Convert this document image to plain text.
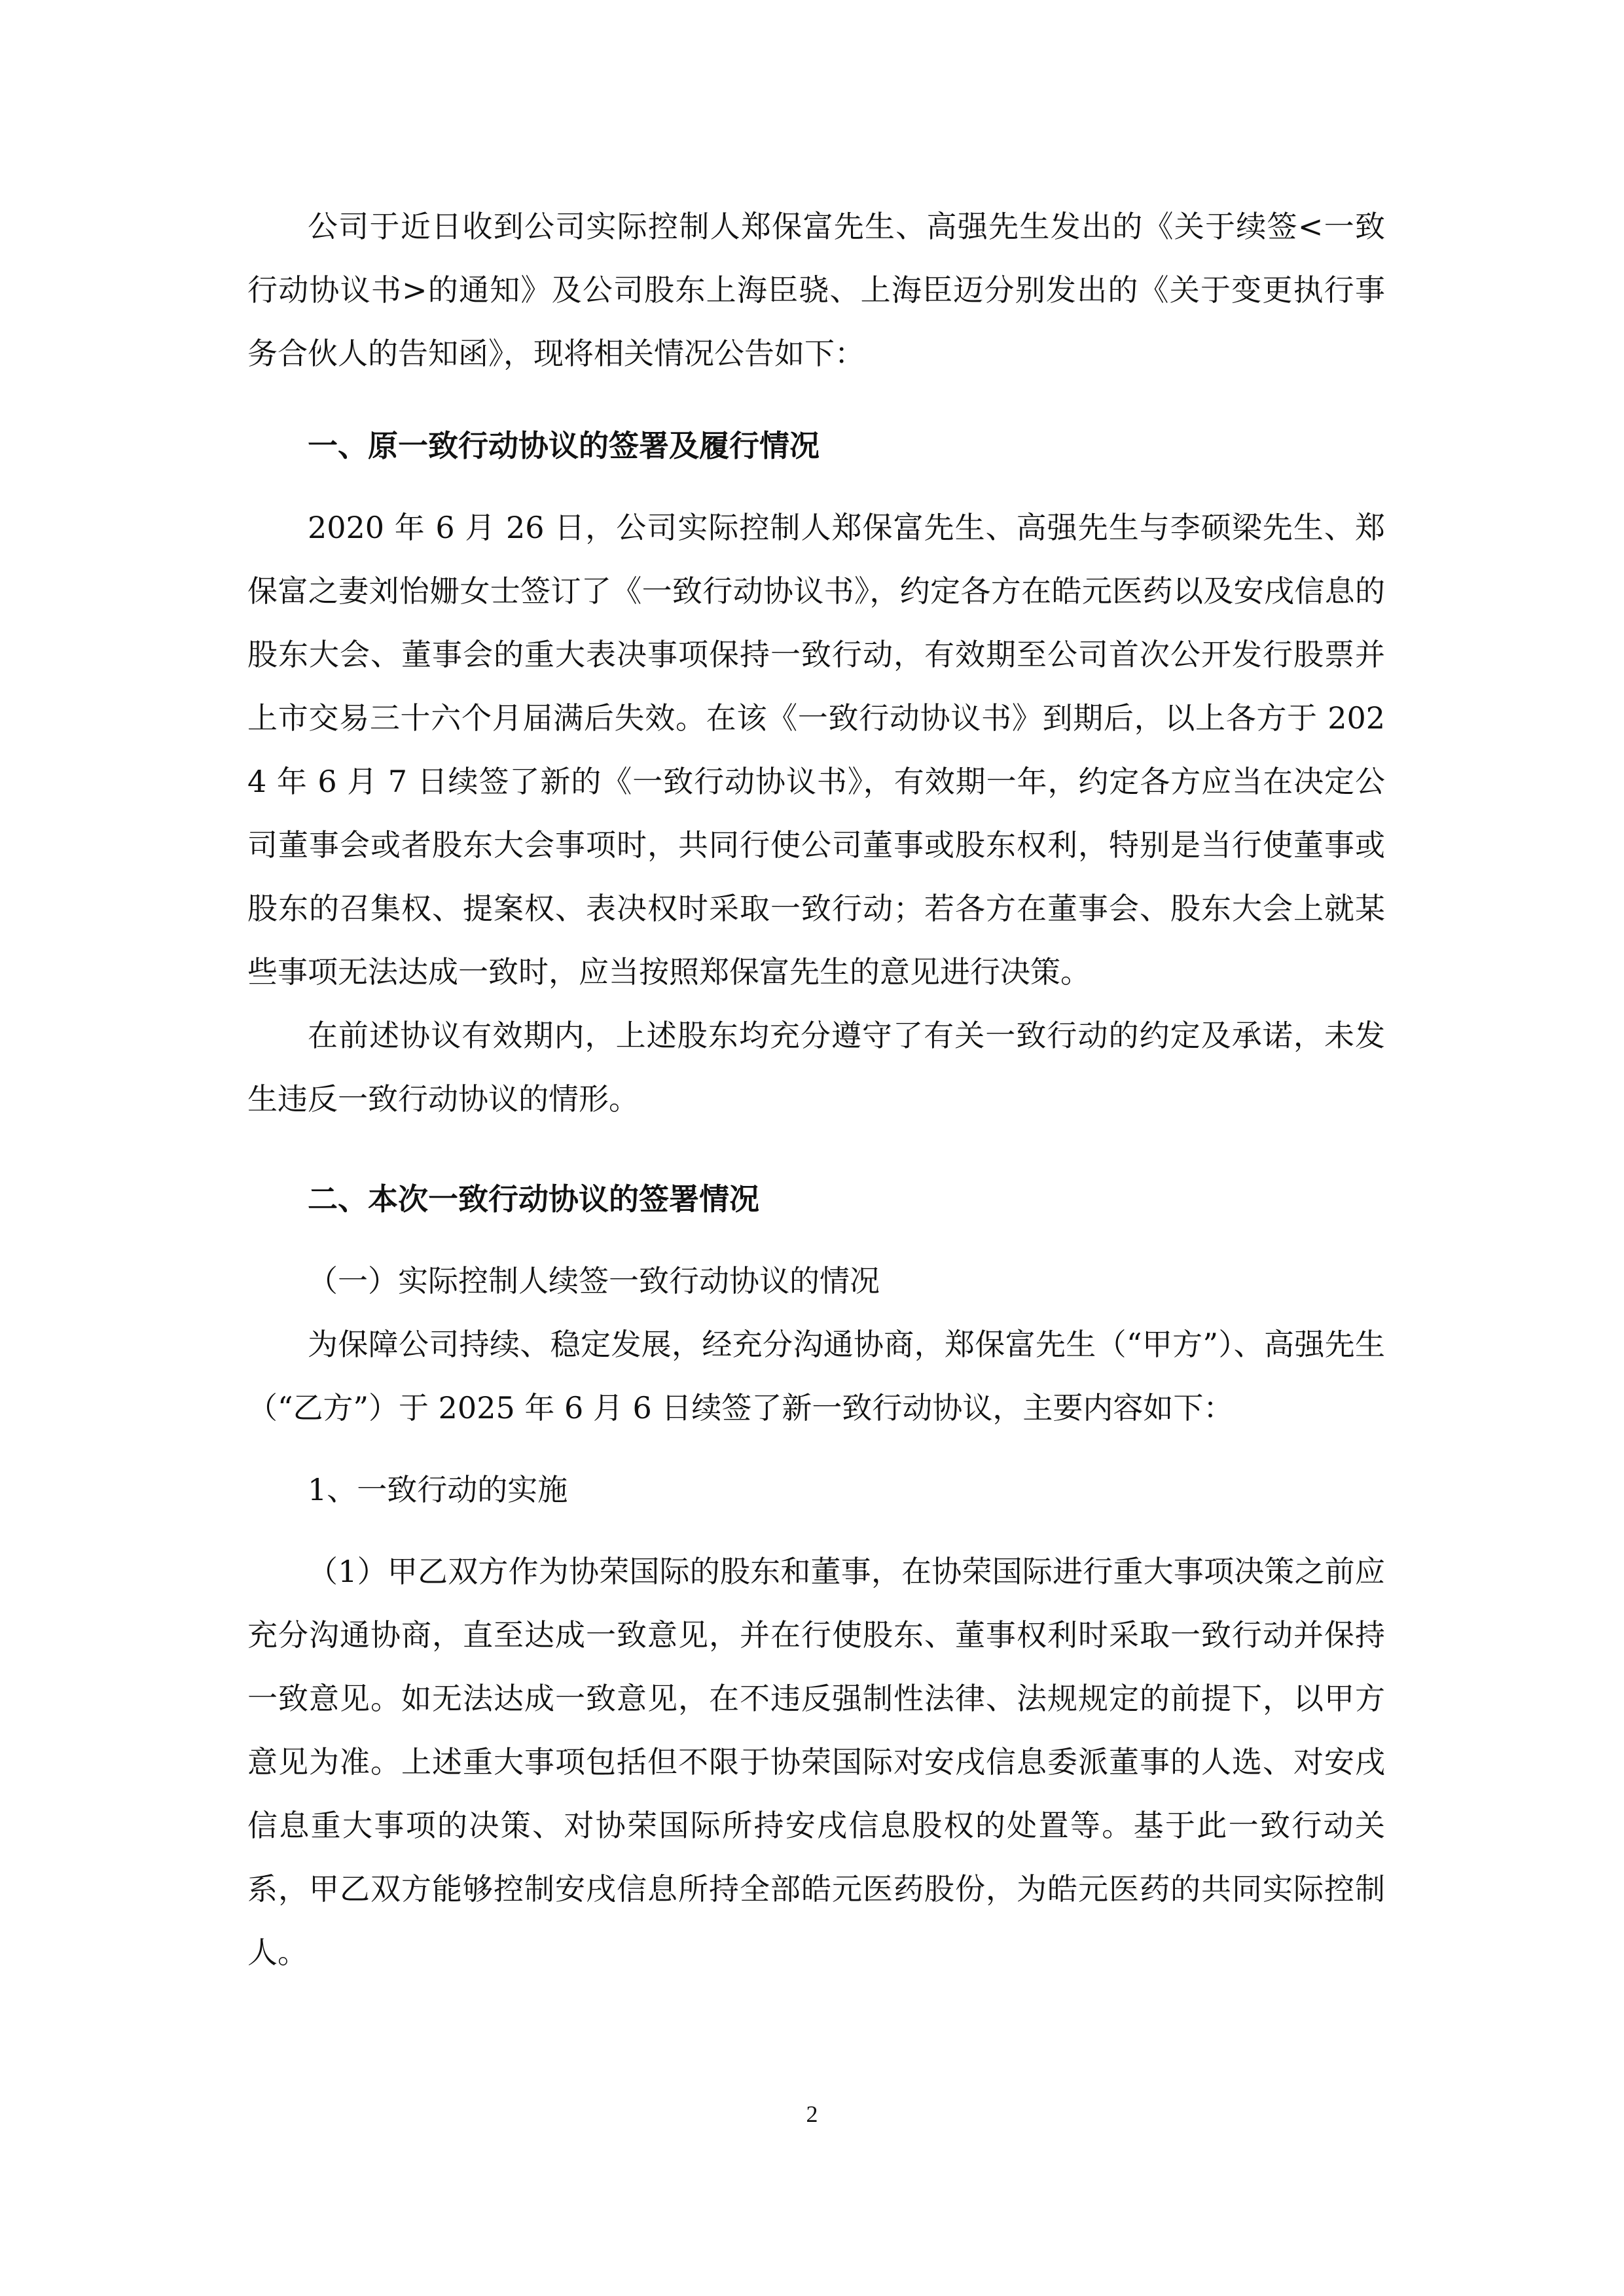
公司于近日收到公司实际控制人郑保富先生、高强先生发出的《关于续签<一致行动协议书>的通知》及公司股东上海臣骁、上海臣迈分别发出的《关于变更执行事务合伙人的告知函》，现将相关情况公告如下：

一、原一致行动协议的签署及履行情况

2020 年 6 月 26 日，公司实际控制人郑保富先生、高强先生与李硕梁先生、郑保富之妻刘怡姗女士签订了《一致行动协议书》，约定各方在皓元医药以及安戌信息的股东大会、董事会的重大表决事项保持一致行动，有效期至公司首次公开发行股票并上市交易三十六个月届满后失效。在该《一致行动协议书》到期后，以上各方于 2024 年 6 月 7 日续签了新的《一致行动协议书》，有效期一年，约定各方应当在决定公司董事会或者股东大会事项时，共同行使公司董事或股东权利，特别是当行使董事或股东的召集权、提案权、表决权时采取一致行动；若各方在董事会、股东大会上就某些事项无法达成一致时，应当按照郑保富先生的意见进行决策。

在前述协议有效期内，上述股东均充分遵守了有关一致行动的约定及承诺，未发生违反一致行动协议的情形。

二、本次一致行动协议的签署情况

（一）实际控制人续签一致行动协议的情况

为保障公司持续、稳定发展，经充分沟通协商，郑保富先生（“甲方”）、高强先生（“乙方”）于 2025 年 6 月 6 日续签了新一致行动协议，主要内容如下：

1、一致行动的实施

（1）甲乙双方作为协荣国际的股东和董事，在协荣国际进行重大事项决策之前应充分沟通协商，直至达成一致意见，并在行使股东、董事权利时采取一致行动并保持一致意见。如无法达成一致意见，在不违反强制性法律、法规规定的前提下，以甲方意见为准。上述重大事项包括但不限于协荣国际对安戌信息委派董事的人选、对安戌信息重大事项的决策、对协荣国际所持安戌信息股权的处置等。基于此一致行动关系，甲乙双方能够控制安戌信息所持全部皓元医药股份，为皓元医药的共同实际控制人。

2
